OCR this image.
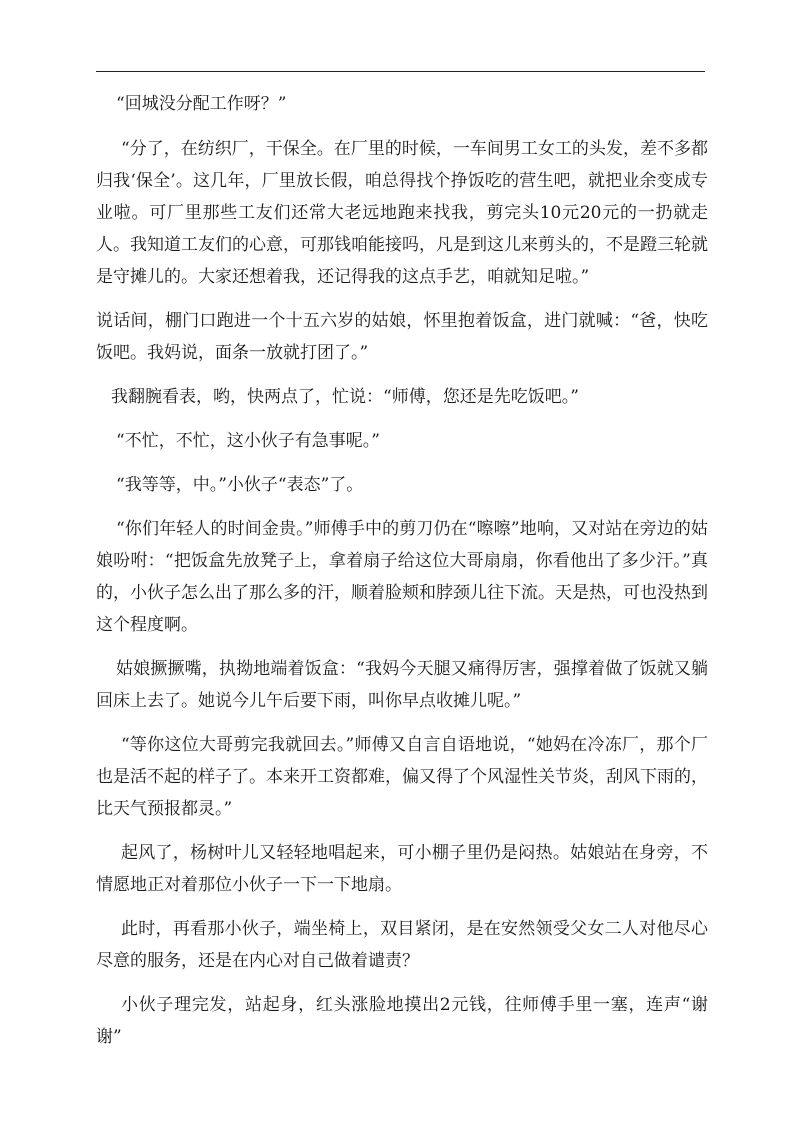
“回城没分配工作呀？”

“分了，在纺织厂，干保全。在厂里的时候，一车间男工女工的头发，差不多都归我‘保全’。这几年，厂里放长假，咱总得找个挣饭吃的营生吧，就把业余变成专业啦。可厂里那些工友们还常大老远地跑来找我，剪完头10元20元的一扔就走人。我知道工友们的心意，可那钱咱能接吗，凡是到这儿来剪头的，不是蹬三轮就是守摊儿的。大家还想着我，还记得我的这点手艺，咱就知足啦。”

说话间，棚门口跑进一个十五六岁的姑娘，怀里抱着饭盒，进门就喊：“爸，快吃饭吧。我妈说，面条一放就打团了。”

我翻腕看表，哟，快两点了，忙说：“师傅，您还是先吃饭吧。”

“不忙，不忙，这小伙子有急事呢。”

“我等等，中。”小伙子“表态”了。

“你们年轻人的时间金贵。”师傅手中的剪刀仍在“嚓嚓”地响，又对站在旁边的姑娘吩咐：“把饭盒先放凳子上，拿着扇子给这位大哥扇扇，你看他出了多少汗。”真的，小伙子怎么出了那么多的汗，顺着脸颊和脖颈儿往下流。天是热，可也没热到这个程度啊。

姑娘撅撅嘴，执拗地端着饭盒：“我妈今天腿又痛得厉害，强撑着做了饭就又躺回床上去了。她说今儿午后要下雨，叫你早点收摊儿呢。”

“等你这位大哥剪完我就回去。”师傅又自言自语地说，“她妈在冷冻厂，那个厂也是活不起的样子了。本来开工资都难，偏又得了个风湿性关节炎，刮风下雨的，比天气预报都灵。”

起风了，杨树叶儿又轻轻地唱起来，可小棚子里仍是闷热。姑娘站在身旁，不情愿地正对着那位小伙子一下一下地扇。

此时，再看那小伙子，端坐椅上，双目紧闭，是在安然领受父女二人对他尽心尽意的服务，还是在内心对自己做着谴责？

小伙子理完发，站起身，红头涨脸地摸出2元钱，往师傅手里一塞，连声“谢谢”
